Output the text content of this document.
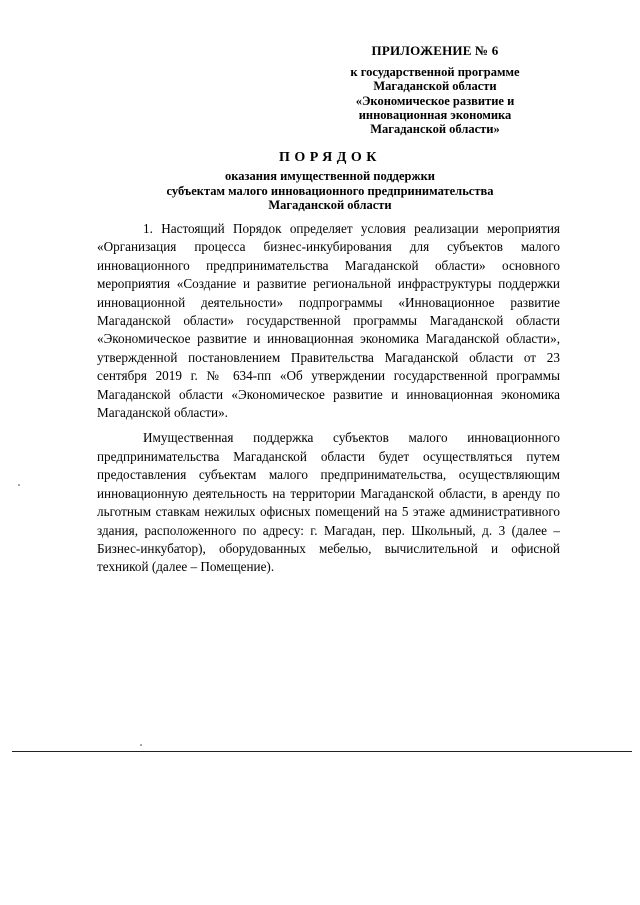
ПРИЛОЖЕНИЕ № 6
к государственной программе
Магаданской области
«Экономическое развитие и
инновационная экономика
Магаданской области»
ПОРЯДОК
оказания имущественной поддержки
субъектам малого инновационного предпринимательства
Магаданской области

1. Настоящий Порядок определяет условия реализации мероприятия «Организация процесса бизнес-инкубирования для субъектов малого инновационного предпринимательства Магаданской области» основного мероприятия «Создание и развитие региональной инфраструктуры поддержки инновационной деятельности» подпрограммы «Инновационное развитие Магаданской области» государственной программы Магаданской области «Экономическое развитие и инновационная экономика Магаданской области», утвержденной постановлением Правительства Магаданской области от 23 сентября 2019 г. № 634-пп «Об утверждении государственной программы Магаданской области «Экономическое развитие и инновационная экономика Магаданской области».

Имущественная поддержка субъектов малого инновационного предпринимательства Магаданской области будет осуществляться путем предоставления субъектам малого предпринимательства, осуществляющим инновационную деятельность на территории Магаданской области, в аренду по льготным ставкам нежилых офисных помещений на 5 этаже административного здания, расположенного по адресу: г. Магадан, пер. Школьный, д. 3 (далее – Бизнес-инкубатор), оборудованных мебелью, вычислительной и офисной техникой (далее – Помещение).
